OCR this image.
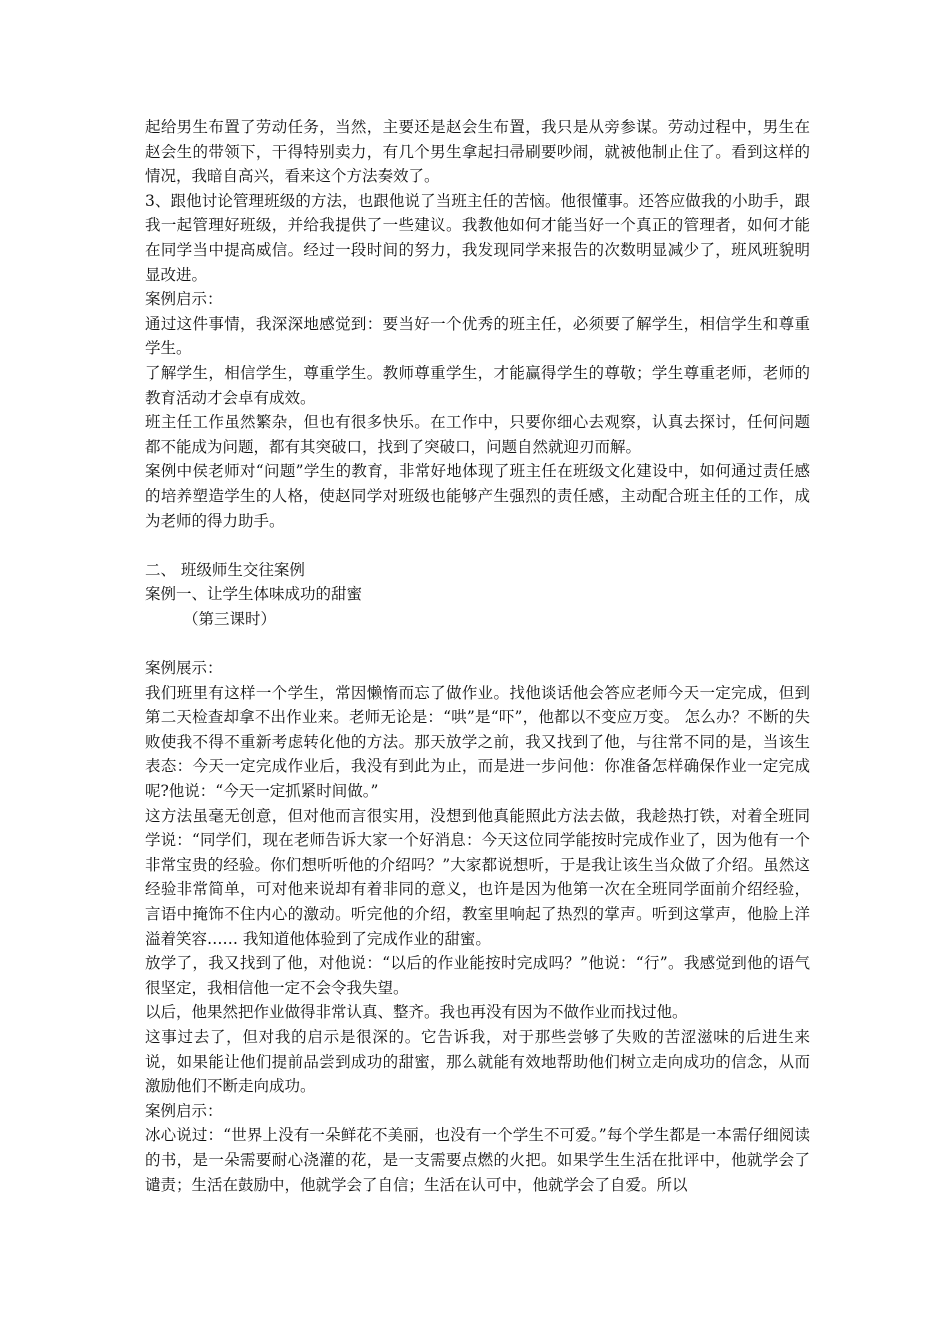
起给男生布置了劳动任务，当然，主要还是赵会生布置，我只是从旁参谋。劳动过程中，男生在赵会生的带领下，干得特别卖力，有几个男生拿起扫帚刷要吵闹，就被他制止住了。看到这样的情况，我暗自高兴，看来这个方法奏效了。

3、跟他讨论管理班级的方法，也跟他说了当班主任的苦恼。他很懂事。还答应做我的小助手，跟我一起管理好班级，并给我提供了一些建议。我教他如何才能当好一个真正的管理者，如何才能在同学当中提高威信。经过一段时间的努力，我发现同学来报告的次数明显减少了，班风班貌明显改进。

案例启示：

通过这件事情，我深深地感觉到：要当好一个优秀的班主任，必须要了解学生，相信学生和尊重学生。

了解学生，相信学生，尊重学生。教师尊重学生，才能赢得学生的尊敬；学生尊重老师，老师的教育活动才会卓有成效。

班主任工作虽然繁杂，但也有很多快乐。在工作中，只要你细心去观察，认真去探讨，任何问题都不能成为问题，都有其突破口，找到了突破口，问题自然就迎刃而解。

案例中侯老师对“问题”学生的教育，非常好地体现了班主任在班级文化建设中，如何通过责任感的培养塑造学生的人格，使赵同学对班级也能够产生强烈的责任感，主动配合班主任的工作，成为老师的得力助手。

二、 班级师生交往案例

案例一、让学生体味成功的甜蜜

（第三课时）

案例展示：

我们班里有这样一个学生，常因懒惰而忘了做作业。找他谈话他会答应老师今天一定完成，但到第二天检查却拿不出作业来。老师无论是：“哄”是“吓”，他都以不变应万变。 怎么办？不断的失败使我不得不重新考虑转化他的方法。那天放学之前，我又找到了他，与往常不同的是，当该生表态：今天一定完成作业后，我没有到此为止，而是进一步问他：你准备怎样确保作业一定完成呢?他说：“今天一定抓紧时间做。”

这方法虽毫无创意，但对他而言很实用，没想到他真能照此方法去做，我趁热打铁，对着全班同学说：“同学们，现在老师告诉大家一个好消息：今天这位同学能按时完成作业了，因为他有一个非常宝贵的经验。你们想听听他的介绍吗？”大家都说想听，于是我让该生当众做了介绍。虽然这经验非常简单，可对他来说却有着非同的意义，也许是因为他第一次在全班同学面前介绍经验，言语中掩饰不住内心的激动。听完他的介绍，教室里响起了热烈的掌声。听到这掌声，他脸上洋溢着笑容…… 我知道他体验到了完成作业的甜蜜。

放学了，我又找到了他，对他说：“以后的作业能按时完成吗？”他说：“行”。我感觉到他的语气很坚定，我相信他一定不会令我失望。

以后，他果然把作业做得非常认真、整齐。我也再没有因为不做作业而找过他。

这事过去了，但对我的启示是很深的。它告诉我，对于那些尝够了失败的苦涩滋味的后进生来说，如果能让他们提前品尝到成功的甜蜜，那么就能有效地帮助他们树立走向成功的信念，从而激励他们不断走向成功。

案例启示：

冰心说过：“世界上没有一朵鲜花不美丽，也没有一个学生不可爱。”每个学生都是一本需仔细阅读的书，是一朵需要耐心浇灌的花，是一支需要点燃的火把。如果学生生活在批评中，他就学会了谴责；生活在鼓励中，他就学会了自信；生活在认可中，他就学会了自爱。所以
